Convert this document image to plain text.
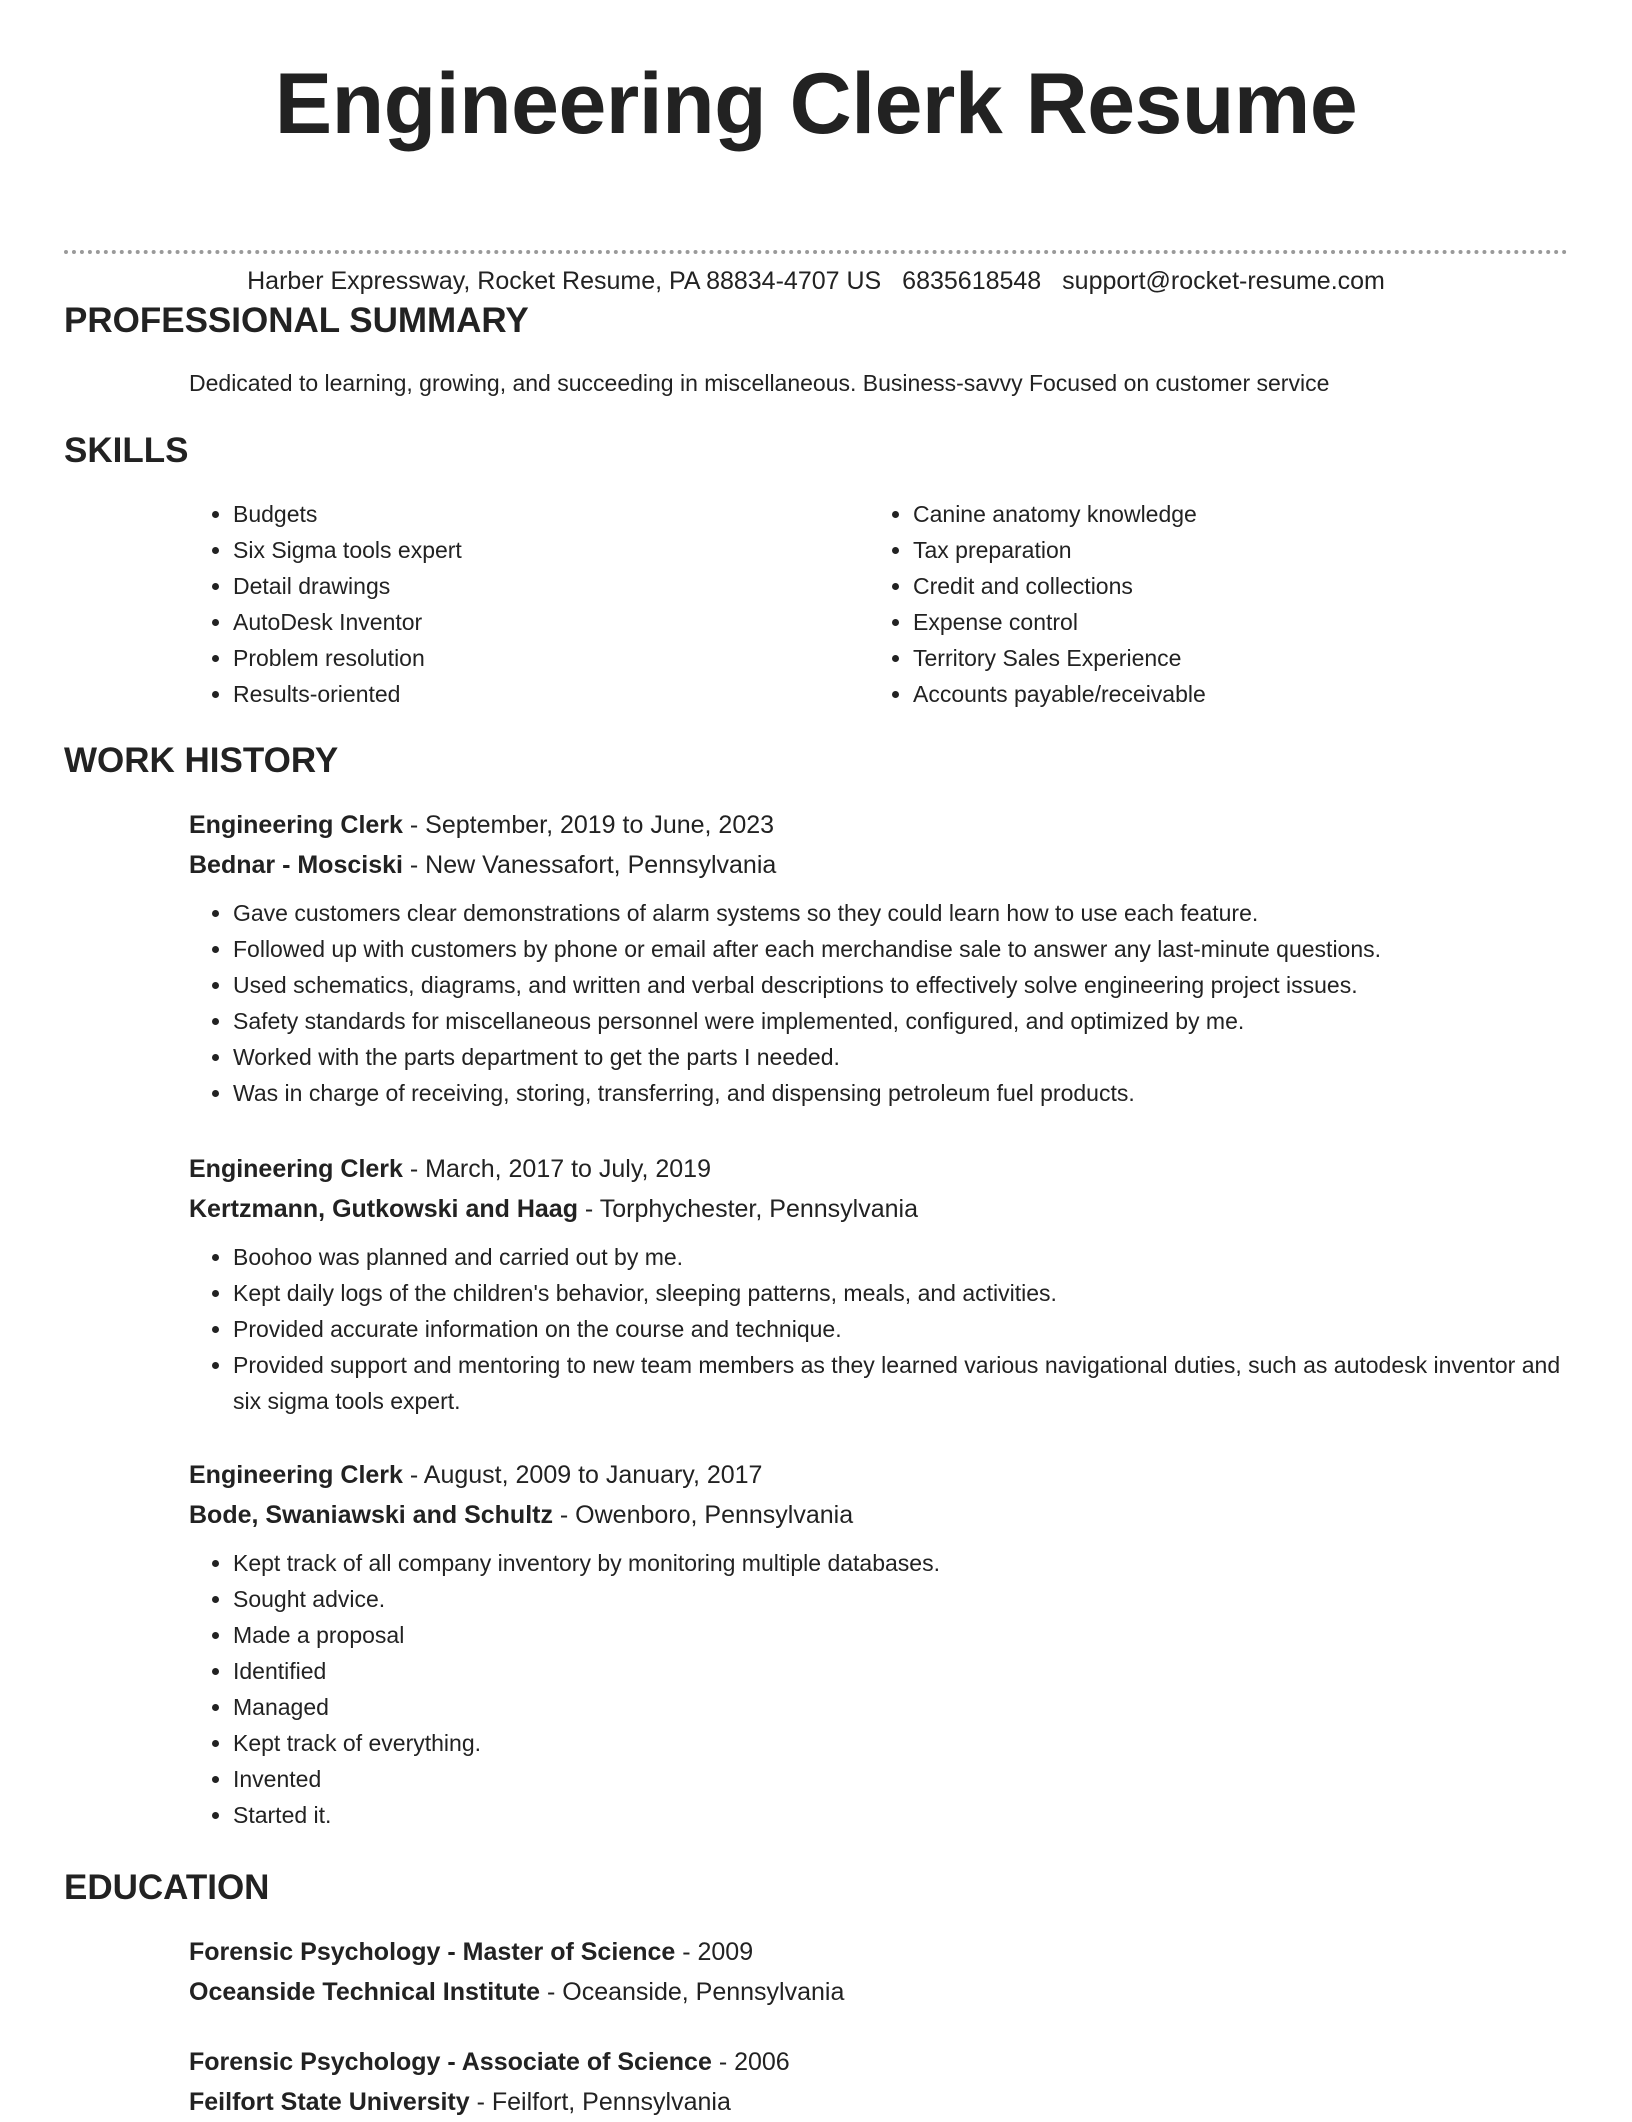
Engineering Clerk Resume
Harber Expressway, Rocket Resume, PA 88834-4707 US 6835618548 support@rocket-resume.com
PROFESSIONAL SUMMARY
Dedicated to learning, growing, and succeeding in miscellaneous. Business-savvy Focused on customer service
SKILLS
• Budgets
• Six Sigma tools expert
• Detail drawings
• AutoDesk Inventor
• Problem resolution
• Results-oriented
• Canine anatomy knowledge
• Tax preparation
• Credit and collections
• Expense control
• Territory Sales Experience
• Accounts payable/receivable
WORK HISTORY
Engineering Clerk - September, 2019 to June, 2023
Bednar - Mosciski - New Vanessafort, Pennsylvania
• Gave customers clear demonstrations of alarm systems so they could learn how to use each feature.
• Followed up with customers by phone or email after each merchandise sale to answer any last-minute questions.
• Used schematics, diagrams, and written and verbal descriptions to effectively solve engineering project issues.
• Safety standards for miscellaneous personnel were implemented, configured, and optimized by me.
• Worked with the parts department to get the parts I needed.
• Was in charge of receiving, storing, transferring, and dispensing petroleum fuel products.
Engineering Clerk - March, 2017 to July, 2019
Kertzmann, Gutkowski and Haag - Torphychester, Pennsylvania
• Boohoo was planned and carried out by me.
• Kept daily logs of the children's behavior, sleeping patterns, meals, and activities.
• Provided accurate information on the course and technique.
• Provided support and mentoring to new team members as they learned various navigational duties, such as autodesk inventor and six sigma tools expert.
Engineering Clerk - August, 2009 to January, 2017
Bode, Swaniawski and Schultz - Owenboro, Pennsylvania
• Kept track of all company inventory by monitoring multiple databases.
• Sought advice.
• Made a proposal
• Identified
• Managed
• Kept track of everything.
• Invented
• Started it.
EDUCATION
Forensic Psychology - Master of Science - 2009
Oceanside Technical Institute - Oceanside, Pennsylvania
Forensic Psychology - Associate of Science - 2006
Feilfort State University - Feilfort, Pennsylvania
